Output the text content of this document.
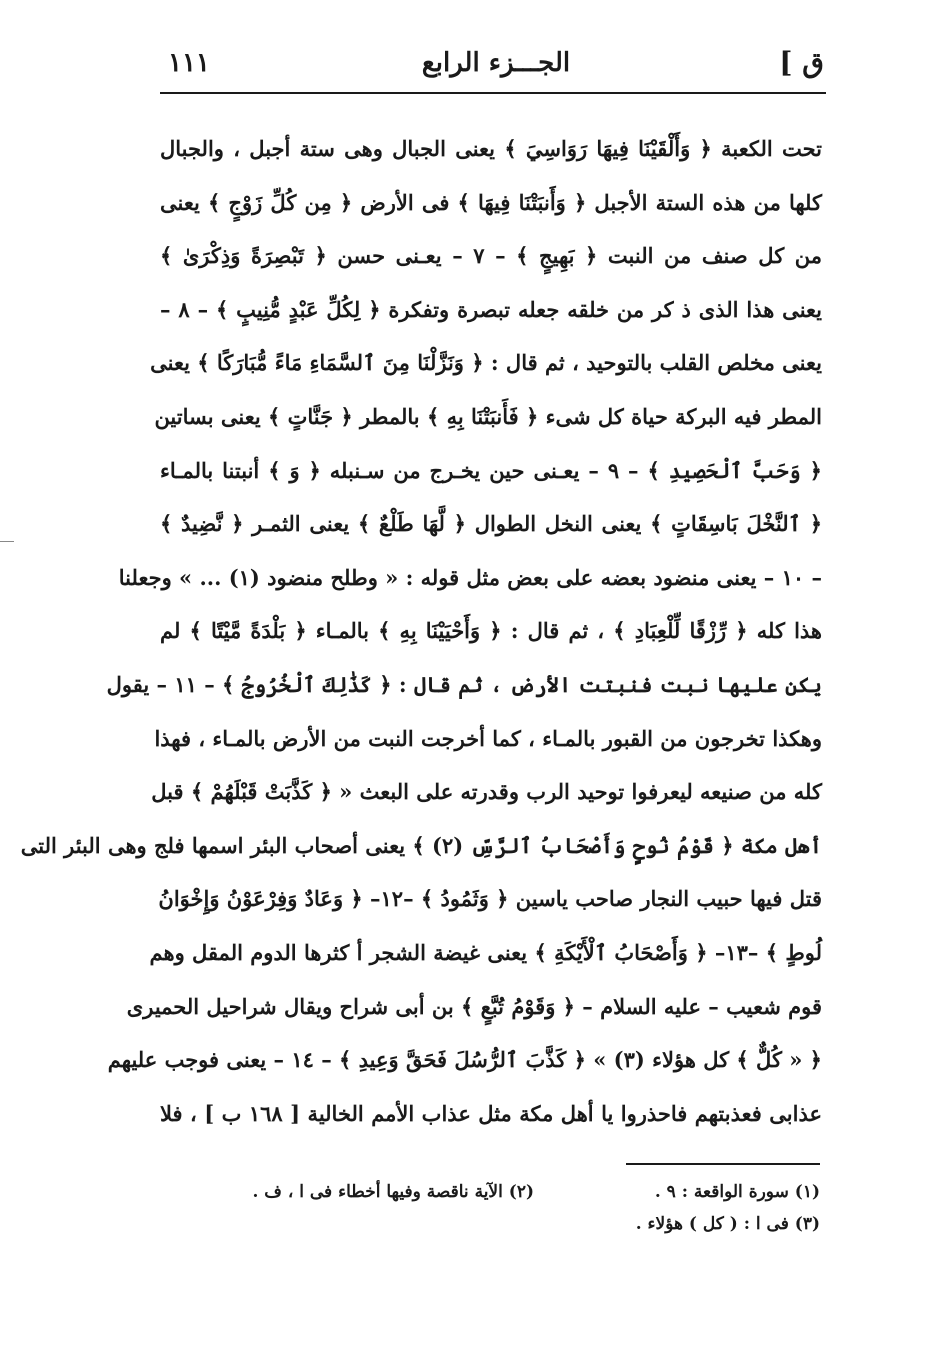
ق ]
الجـــزء الرابع
١١١
تحت الكعبة ﴿ وَأَلْقَيْنَا فِيهَا رَوَاسِيَ ﴾ يعنى الجبال وهى ستة أجبل ، والجبال
كلها من هذه الستة الأجبل ﴿ وَأَنبَتْنَا فِيهَا ﴾ فى الأرض ﴿ مِن كُلِّ زَوْجٍ ﴾ يعنى
من كل صنف من النبت ﴿ بَهِيجٍ ﴾ – ٧ – يعـنى حسن ﴿ تَبْصِرَةً وَذِكْرَىٰ ﴾
يعنى هذا الذى ذ كر من خلقه جعله تبصرة وتفكرة ﴿ لِكُلِّ عَبْدٍ مُّنِيبٍ ﴾ – ٨ –
يعنى مخلص القلب بالتوحيد ، ثم قال : ﴿ وَنَزَّلْنَا مِنَ ٱلسَّمَاءِ مَاءً مُّبَارَكًا ﴾ يعنى
المطر فيه البركة حياة كل شىء ﴿ فَأَنبَتْنَا بِهِ ﴾ بالمطر ﴿ جَنَّاتٍ ﴾ يعنى بساتين
﴿ وَحَبَّ ٱلْحَصِيدِ ﴾ – ٩ – يعـنى حين يخـرج من سـنبله ﴿ وَ ﴾ أنبتنا بالمـاء
﴿ ٱلنَّخْلَ بَاسِقَاتٍ ﴾ يعنى النخل الطوال ﴿ لَّهَا طَلْعٌ ﴾ يعنى الثمـر ﴿ نَّضِيدٌ ﴾
– ١٠ – يعنى منضود بعضه على بعض مثل قوله : « وطلح منضود (١) ... » وجعلنا
هذا كله ﴿ رِّزْقًا لِّلْعِبَادِ ﴾ ، ثم قال : ﴿ وَأَحْيَيْنَا بِهِ ﴾ بالمـاء ﴿ بَلْدَةً مَّيْتًا ﴾ لم
يكن عليها نبت فنبتت الأرض ، ثم قال : ﴿ كَذَٰلِكَ ٱلْخُرُوجُ ﴾ – ١١ – يقول
وهكذا تخرجون من القبور بالمـاء ، كما أخرجت النبت من الأرض بالمـاء ، فهذا
كله من صنيعه ليعرفوا توحيد الرب وقدرته على البعث « ﴿ كَذَّبَتْ قَبْلَهُمْ ﴾ قبل
أهل مكة ﴿ قَوْمُ نُوحٍ وَأَصْحَابُ ٱلرَّسِّ (٢) ﴾ يعنى أصحاب البئر اسمها فلج وهى البئر التى
قتل فيها حبيب النجار صاحب ياسين ﴿ وَثَمُودُ ﴾ –١٢– ﴿ وَعَادٌ وَفِرْعَوْنُ وَإِخْوَانُ
لُوطٍ ﴾ –١٣– ﴿ وَأَصْحَابُ ٱلْأَيْكَةِ ﴾ يعنى غيضة الشجر أ كثرها الدوم المقل وهم
قوم شعيب – عليه السلام – ﴿ وَقَوْمُ تُبَّعٍ ﴾ بن أبى شراح ويقال شراحيل الحميرى
﴿ « كُلٌّ ﴾ كل هؤلاء (٣) » ﴿ كَذَّبَ ٱلرُّسُلَ فَحَقَّ وَعِيدِ ﴾ – ١٤ – يعنى فوجب عليهم
عذابى فعذبتهم فاحذروا يا أهل مكة مثل عذاب الأمم الخالية [ ١٦٨ ب ] ، فلا
(١) سورة الواقعة : ٩ .
(٢) الآية ناقصة وفيها أخطاء فى ا ، ف .
(٣) فى ا : ( كل ) هؤلاء .
